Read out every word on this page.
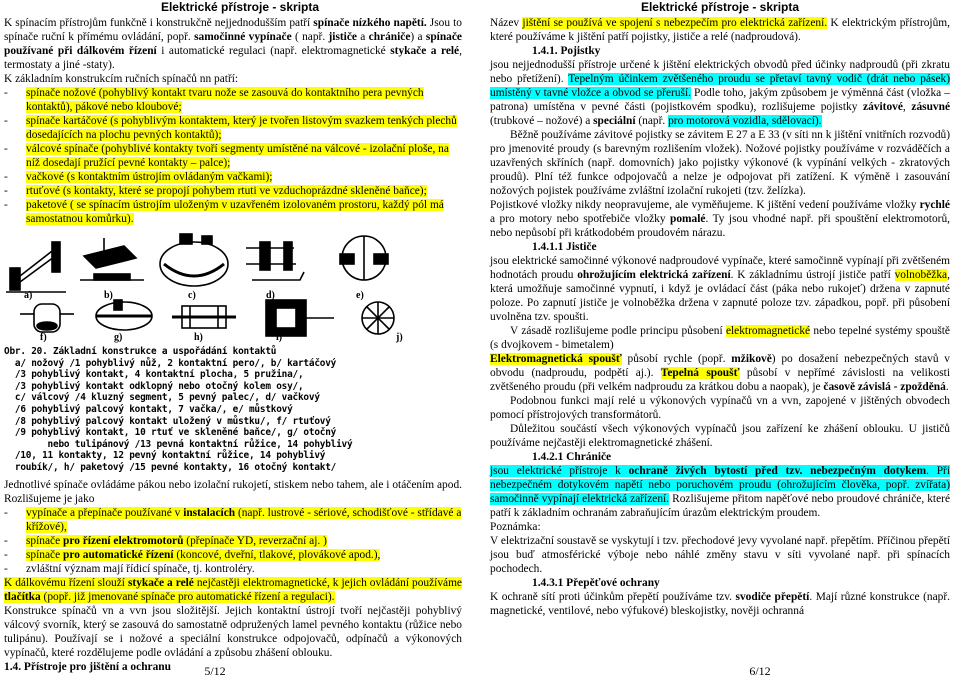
Elektrické přístroje - skripta

K spínacím přístrojům funkčně i konstrukčně nejjednodušším patří spínače nízkého napětí. Jsou to spínače ruční k přímému ovládání, popř. samočinné vypínače ( např. jističe a chrániče) a spínače používané při dálkovém řízení i automatické regulaci (např. elektromagnetické stykače a relé, termostaty a jiné -staty).

K základním konstrukcím ručních spínačů nn patří:

- spínače nožové (pohyblivý kontakt tvaru nože se zasouvá do kontaktního pera pevných kontaktů), pákové nebo kloubové;
- spínače kartáčové (s pohyblivým kontaktem, který je tvořen listovým svazkem tenkých plechů dosedajících na plochu pevných kontaktů);
- válcové spínače (pohyblivé kontakty tvoří segmenty umístěné na válcové - izolační ploše, na níž dosedají pružící pevné kontakty – palce);
- vačkové (s kontaktním ústrojím ovládaným vačkami);
- rtuťové (s kontakty, které se propojí pohybem rtuti ve vzduchoprázdné skleněné baňce);
- paketové ( se spínacím ústrojím uloženým v uzavřeném izolovaném prostoru, každý pól má samostatnou komůrku).
a)	b)	c)	d)	e)
f)	g)	h)	i)	j)
Obr. 20. Základní konstrukce a uspořádání kontaktů
a/ nožový /1 pohyblivý nůž, 2 kontaktní pero/, b/ kartáčový
/3 pohyblivý kontakt, 4 kontaktní plocha, 5 pružina/,
/3 pohyblivý kontakt odklopný nebo otočný kolem osy/,
c/ válcový /4 kluzný segment, 5 pevný palec/, d/ vačkový
/6 pohyblivý palcový kontakt, 7 vačka/, e/ můstkový
/8 pohyblivý palcový kontakt uložený v můstku/, f/ rtuťový
/9 pohyblivý kontakt, 10 rtuť ve skleněné baňce/, g/ otočný
nebo tulipánový /13 pevná kontaktní růžice, 14 pohyblivý
/10, 11 kontakty, 12 pevný kontaktní růžice, 14 pohyblivý
roubík/, h/ paketový /15 pevné kontakty, 16 otočný kontakt/

Jednotlivé spínače ovládáme pákou nebo izolační rukojetí, stiskem nebo tahem, ale i otáčením apod. Rozlišujeme je jako

- vypínače a přepínače používané v instalacích (např. lustrové - sériové, schodišťové - střídavé a křížové),
- spínače pro řízení elektromotorů (přepínače YD, reverzační aj. )
- spínače pro automatické řízení (koncové, dveřní, tlakové, plovákové apod.),
- zvláštní význam mají řídicí spínače, tj. kontroléry.

K dálkovému řízení slouží stykače a relé nejčastěji elektromagnetické, k jejich ovládání používáme tlačítka (popř. již jmenované spínače pro automatické řízení a regulaci).

Konstrukce spínačů vn a vvn jsou složitější. Jejich kontaktní ústrojí tvoří nejčastěji pohyblivý válcový svorník, který se zasouvá do samostatně odpružených lamel pevného kontaktu (růžice nebo tulipánu). Používají se i nožové a speciální konstrukce odpojovačů, odpínačů a výkonových vypínačů, které rozdělujeme podle ovládání a způsobu zhášení oblouku.

1.4. Přístroje pro jištění a ochranu	5/12
Elektrické přístroje - skripta

Název jištění se používá ve spojení s nebezpečím pro elektrická zařízení. K elektrickým přístrojům, které používáme k jištění patří pojistky, jističe a relé (nadproudová).

1.4.1. Pojistky

jsou nejjednodušší přístroje určené k jištění elektrických obvodů před účinky nadproudů (při zkratu nebo přetížení). Tepelným účinkem zvětšeného proudu se přetaví tavný vodič (drát nebo pásek) umístěný v tavné vložce a obvod se přeruší. Podle toho, jakým způsobem je výměnná část (vložka – patrona) umístěna v pevné části (pojistkovém spodku), rozlišujeme pojistky závitové, zásuvné (trubkové – nožové) a speciální (např. pro motorová vozidla, sdělovací).

Běžně používáme závitové pojistky se závitem E 27 a E 33 (v síti nn k jištění vnitřních rozvodů) pro jmenovité proudy (s barevným rozlišením vložek). Nožové pojistky používáme v rozváděčích a uzavřených skříních (např. domovních) jako pojistky výkonové (k vypínání velkých - zkratových proudů). Plní též funkce odpojovačů a nelze je odpojovat při zatížení. K výměně i zasouvání nožových pojistek používáme zvláštní izolační rukojeti (tzv. želízka).

Pojistkové vložky nikdy neopravujeme, ale vyměňujeme. K jištění vedení používáme vložky rychlé a pro motory nebo spotřebiče vložky pomalé. Ty jsou vhodné např. při spouštění elektromotorů, nebo nepůsobí při krátkodobém proudovém nárazu.

1.4.1.1 Jističe

jsou elektrické samočinné výkonové nadproudové vypínače, které samočinně vypínají při zvětšeném hodnotách proudu ohrožujícím elektrická zařízení. K základnímu ústrojí jističe patří volnoběžka, která umožňuje samočinné vypnutí, i když je ovládací část (páka nebo rukojeť) držena v zapnuté poloze. Po zapnutí jističe je volnoběžka držena v zapnuté poloze tzv. západkou, popř. při působení uvolněna tzv. spoušti.

V zásadě rozlišujeme podle principu působení elektromagnetické nebo tepelné systémy spouště (s dvojkovem - bimetalem)

Elektromagnetická spoušť působí rychle (popř. mžikově) po dosažení nebezpečných stavů v obvodu (nadproudu, podpětí aj.). Tepelná spoušť působí v nepřímé závislosti na velikosti zvětšeného proudu (při velkém nadproudu za krátkou dobu a naopak), je časově závislá - zpožděná.

Podobnou funkci mají relé u výkonových vypínačů vn a vvn, zapojené v jištěných obvodech pomocí přístrojových transformátorů.

Důležitou součástí všech výkonových vypínačů jsou zařízení ke zhášení oblouku. U jističů používáme nejčastěji elektromagnetické zhášení.

1.4.2.1 Chrániče

jsou elektrické přístroje k ochraně živých bytostí před tzv. nebezpečným dotykem. Při nebezpečném dotykovém napětí nebo poruchovém proudu (ohrožujícím člověka, popř. zvířata) samočinně vypínají elektrická zařízení. Rozlišujeme přitom napěťové nebo proudové chrániče, které patří k základním ochranám zabraňujícím úrazům elektrickým proudem.

Poznámka:

V elektrizační soustavě se vyskytují i tzv. přechodové jevy vyvolané např. přepětím. Příčinou přepětí jsou buď atmosférické výboje nebo náhlé změny stavu v síti vyvolané např. při spínacích pochodech.

1.4.3.1 Přepěťové ochrany

K ochraně sítí proti účinkům přepětí používáme tzv. svodiče přepětí. Mají různé konstrukce (např. magnetické, ventilové, nebo výfukové) bleskojistky, nověji ochranná

6/12
